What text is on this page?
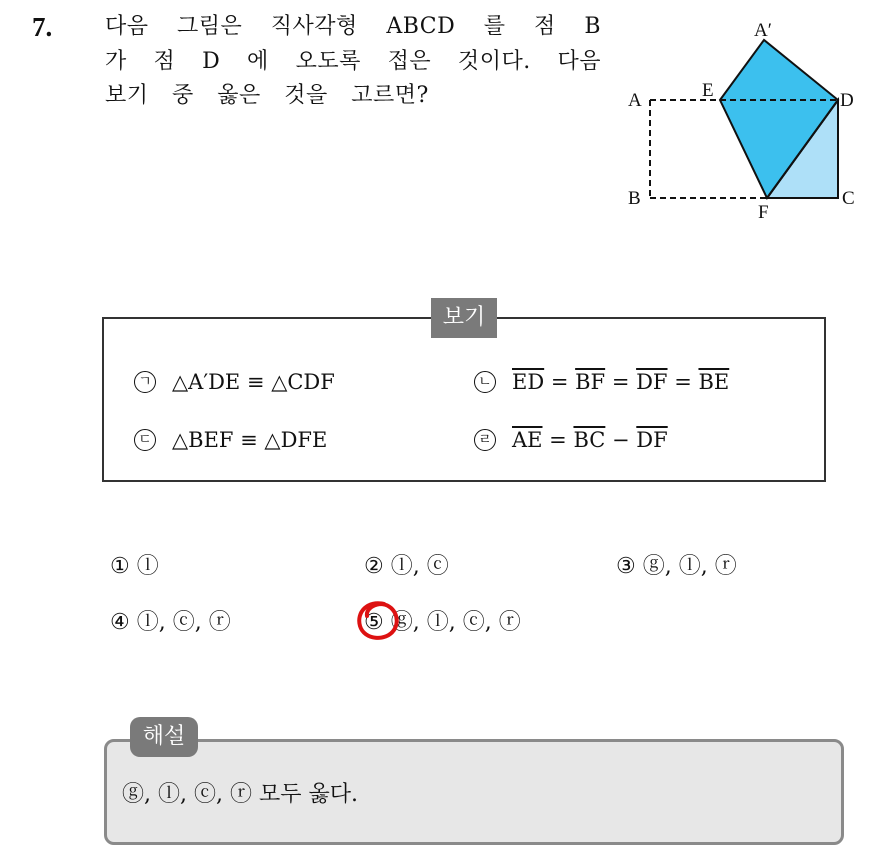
7. 다음 그림은 직사각형 ABCD 를 점 B 가 점 D 에 오도록 접은 것이다. 다음 보기 중 옳은 것을 고르면?
A′
A	E	D
B
F
C
보기
ㄱ △A′DE ≡ △CDF	ㄴ $\overline{ED} = \overline{BF} = \overline{DF} = \overline{BE}$
ㄷ △BEF ≡ △DFE	ㄹ $\overline{AE} = \overline{BC} - \overline{DF}$
① ⓛ	② ⓛ, ⓒ	③ ⓖ, ⓛ, ⓡ
④ ⓛ, ⓒ, ⓡ	⑤ ⓖ, ⓛ, ⓒ, ⓡ
해설
ⓖ, ⓛ, ⓒ, ⓡ 모두 옳다.
